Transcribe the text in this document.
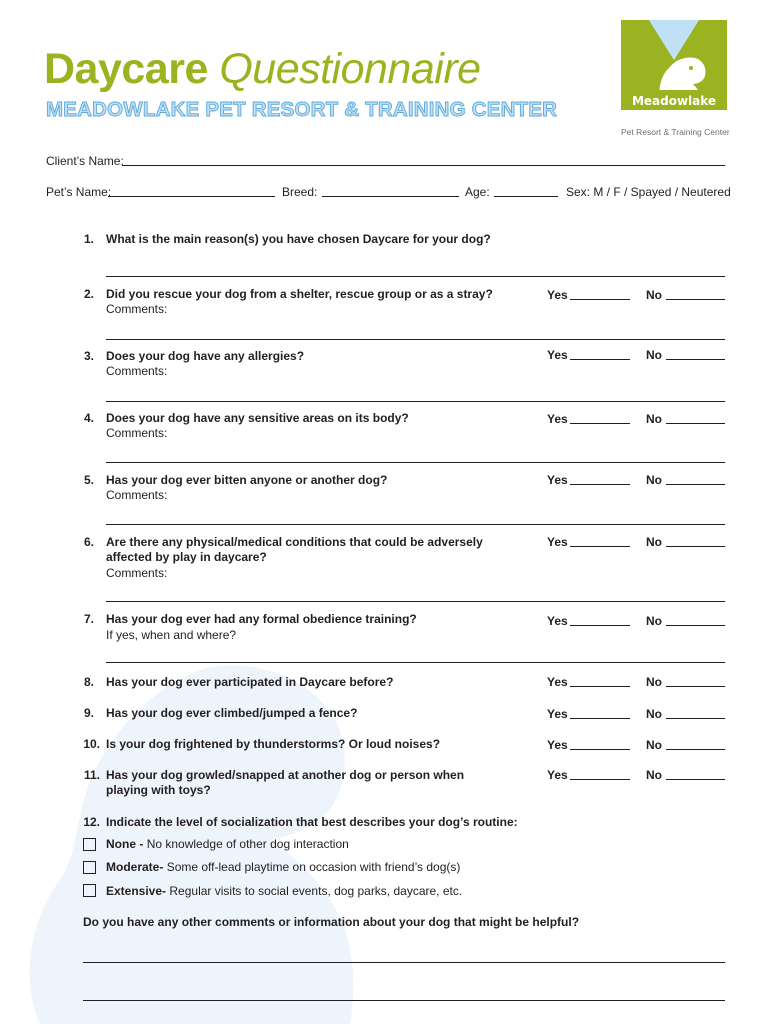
Daycare Questionnaire
MEADOWLAKE PET RESORT & TRAINING CENTER	Meadowlake
Pet Resort & Training Center
Client’s Name:
Pet’s Name:	Breed:	Age:	Sex: M / F / Spayed / Neutered
1. What is the main reason(s) you have chosen Daycare for your dog?
2. Did you rescue your dog from a shelter, rescue group or as a stray?
Comments:
Yes	No
3. Does your dog have any allergies?
Comments:
Yes	No
4. Does your dog have any sensitive areas on its body?
Comments:
Yes	No
5. Has your dog ever bitten anyone or another dog?
Comments:
Yes	No
6. Are there any physical/medical conditions that could be adversely
affected by play in daycare?
Comments:
Yes	No
7. Has your dog ever had any formal obedience training?
If yes, when and where?
Yes	No
8. Has your dog ever participated in Daycare before?	Yes	No
9. Has your dog ever climbed/jumped a fence?	Yes	No
10. Is your dog frightened by thunderstorms? Or loud noises?	Yes	No
11. Has your dog growled/snapped at another dog or person when
playing with toys?
Yes	No
12. Indicate the level of socialization that best describes your dog’s routine:
None - No knowledge of other dog interaction
Moderate- Some off-lead playtime on occasion with friend’s dog(s)
Extensive- Regular visits to social events, dog parks, daycare, etc.
Do you have any other comments or information about your dog that might be helpful?
